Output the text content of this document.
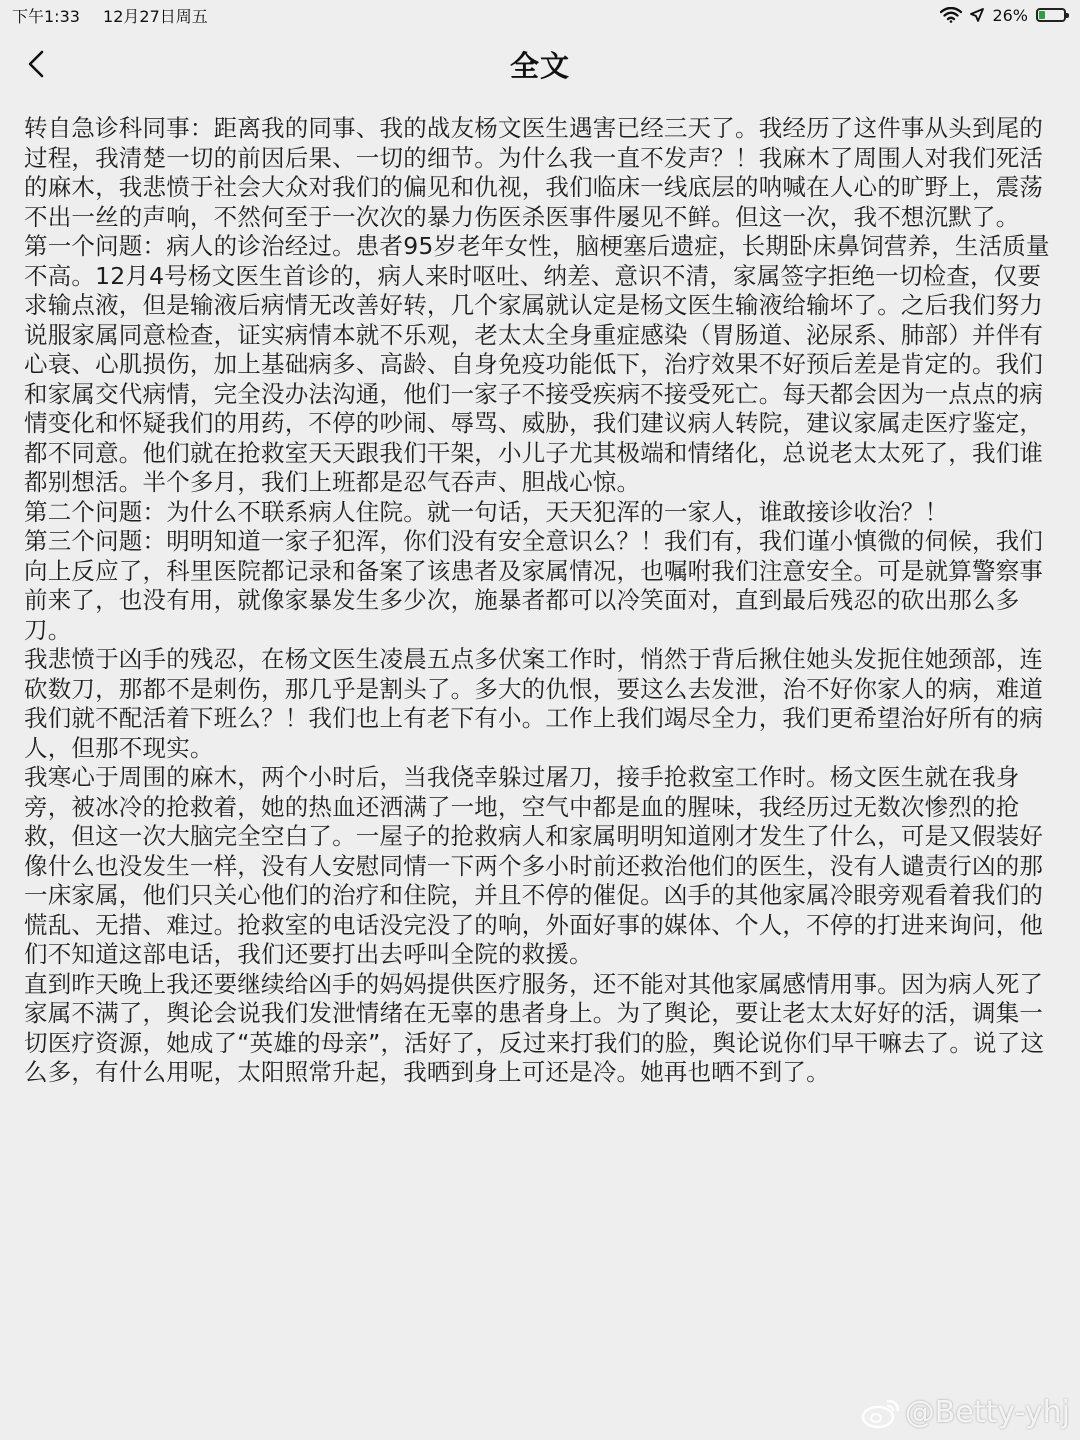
下午1:33 12月27日周五	26%
全文

转自急诊科同事：距离我的同事、我的战友杨文医生遇害已经三天了。我经历了这件事从头到尾的过程，我清楚一切的前因后果、一切的细节。为什么我一直不发声？！我麻木了周围人对我们死活的麻木，我悲愤于社会大众对我们的偏见和仇视，我们临床一线底层的呐喊在人心的旷野上，震荡不出一丝的声响，不然何至于一次次的暴力伤医杀医事件屡见不鲜。但这一次，我不想沉默了。

第一个问题：病人的诊治经过。患者95岁老年女性，脑梗塞后遗症，长期卧床鼻饲营养，生活质量不高。12月4号杨文医生首诊的，病人来时呕吐、纳差、意识不清，家属签字拒绝一切检查，仅要求输点液，但是输液后病情无改善好转，几个家属就认定是杨文医生输液给输坏了。之后我们努力说服家属同意检查，证实病情本就不乐观，老太太全身重症感染（胃肠道、泌尿系、肺部）并伴有心衰、心肌损伤，加上基础病多、高龄、自身免疫功能低下，治疗效果不好预后差是肯定的。我们和家属交代病情，完全没办法沟通，他们一家子不接受疾病不接受死亡。每天都会因为一点点的病情变化和怀疑我们的用药，不停的吵闹、辱骂、威胁，我们建议病人转院，建议家属走医疗鉴定，都不同意。他们就在抢救室天天跟我们干架，小儿子尤其极端和情绪化，总说老太太死了，我们谁都别想活。半个多月，我们上班都是忍气吞声、胆战心惊。

第二个问题：为什么不联系病人住院。就一句话，天天犯浑的一家人，谁敢接诊收治？！

第三个问题：明明知道一家子犯浑，你们没有安全意识么？！我们有，我们谨小慎微的伺候，我们向上反应了，科里医院都记录和备案了该患者及家属情况，也嘱咐我们注意安全。可是就算警察事前来了，也没有用，就像家暴发生多少次，施暴者都可以冷笑面对，直到最后残忍的砍出那么多刀。

我悲愤于凶手的残忍，在杨文医生凌晨五点多伏案工作时，悄然于背后揪住她头发扼住她颈部，连砍数刀，那都不是刺伤，那几乎是割头了。多大的仇恨，要这么去发泄，治不好你家人的病，难道我们就不配活着下班么？！我们也上有老下有小。工作上我们竭尽全力，我们更希望治好所有的病人，但那不现实。

我寒心于周围的麻木，两个小时后，当我侥幸躲过屠刀，接手抢救室工作时。杨文医生就在我身旁，被冰冷的抢救着，她的热血还洒满了一地，空气中都是血的腥味，我经历过无数次惨烈的抢救，但这一次大脑完全空白了。一屋子的抢救病人和家属明明知道刚才发生了什么，可是又假装好像什么也没发生一样，没有人安慰同情一下两个多小时前还救治他们的医生，没有人谴责行凶的那一床家属，他们只关心他们的治疗和住院，并且不停的催促。凶手的其他家属冷眼旁观看着我们的慌乱、无措、难过。抢救室的电话没完没了的响，外面好事的媒体、个人，不停的打进来询问，他们不知道这部电话，我们还要打出去呼叫全院的救援。

直到昨天晚上我还要继续给凶手的妈妈提供医疗服务，还不能对其他家属感情用事。因为病人死了家属不满了，舆论会说我们发泄情绪在无辜的患者身上。为了舆论，要让老太太好好的活，调集一切医疗资源，她成了“英雄的母亲”，活好了，反过来打我们的脸，舆论说你们早干嘛去了。说了这么多，有什么用呢，太阳照常升起，我晒到身上可还是冷。她再也晒不到了。

@Betty-yhj
